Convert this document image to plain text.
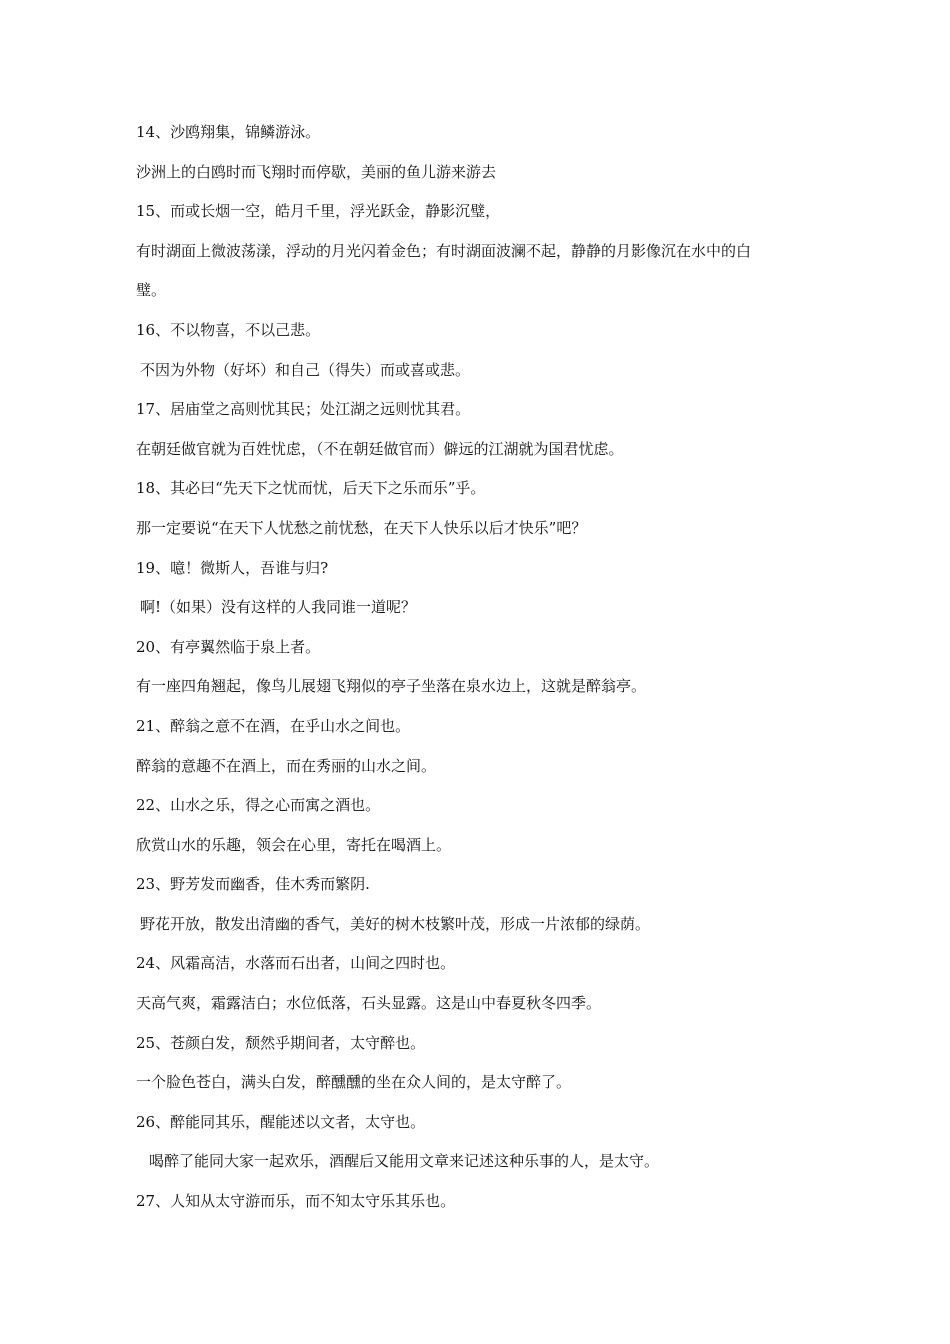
14、沙鸥翔集，锦鳞游泳。
沙洲上的白鸥时而飞翔时而停歇，美丽的鱼儿游来游去
15、而或长烟一空，皓月千里，浮光跃金，静影沉璧，
有时湖面上微波荡漾，浮动的月光闪着金色；有时湖面波澜不起，静静的月影像沉在水中的白
璧。
16、不以物喜，不以己悲。
不因为外物（好坏）和自己（得失）而或喜或悲。
17、居庙堂之高则忧其民；处江湖之远则忧其君。
在朝廷做官就为百姓忧虑，（不在朝廷做官而）僻远的江湖就为国君忧虑。
18、其必曰“先天下之忧而忧，后天下之乐而乐”乎。
那一定要说“在天下人忧愁之前忧愁，在天下人快乐以后才快乐”吧？
19、噫！微斯人，吾谁与归?
啊!（如果）没有这样的人我同谁一道呢？
20、有亭翼然临于泉上者。
有一座四角翘起，像鸟儿展翅飞翔似的亭子坐落在泉水边上，这就是醉翁亭。
21、醉翁之意不在酒，在乎山水之间也。
醉翁的意趣不在酒上，而在秀丽的山水之间。
22、山水之乐，得之心而寓之酒也。
欣赏山水的乐趣，领会在心里，寄托在喝酒上。
23、野芳发而幽香，佳木秀而繁阴.
野花开放，散发出清幽的香气，美好的树木枝繁叶茂，形成一片浓郁的绿荫。
24、风霜高洁，水落而石出者，山间之四时也。
天高气爽，霜露洁白；水位低落，石头显露。这是山中春夏秋冬四季。
25、苍颜白发，颓然乎期间者，太守醉也。
一个脸色苍白，满头白发，醉醺醺的坐在众人间的，是太守醉了。
26、醉能同其乐，醒能述以文者，太守也。
喝醉了能同大家一起欢乐，酒醒后又能用文章来记述这种乐事的人，是太守。
27、人知从太守游而乐，而不知太守乐其乐也。
